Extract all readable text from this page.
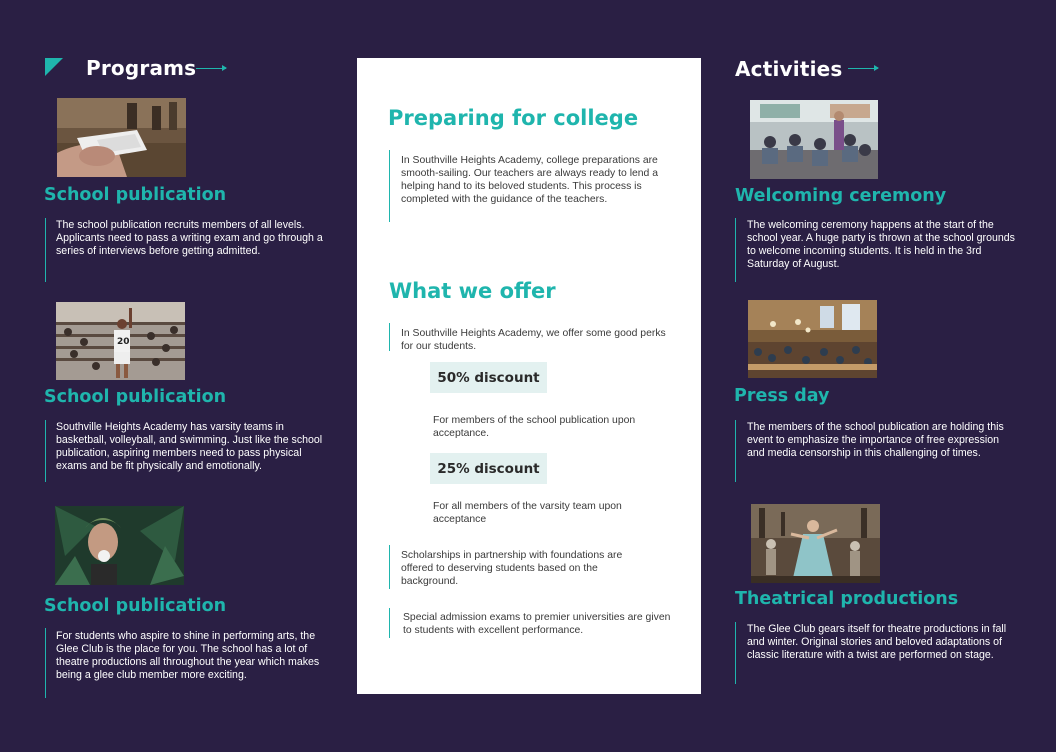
Programs
School publication
The school publication recruits members of all levels. Applicants need to pass a writing exam and go through a series of interviews before getting admitted.
20
School publication
Southville Heights Academy has varsity teams in basketball, volleyball, and swimming. Just like the school publication, aspiring members need to pass physical exams and be fit physically and emotionally.
School publication
For students who aspire to shine in performing arts, the Glee Club is the place for you. The school has a lot of theatre productions all throughout the year which makes being a glee club member more exciting.
Preparing for college
In Southville Heights Academy, college preparations are smooth-sailing. Our teachers are always ready to lend a helping hand to its beloved students. This process is completed with the guidance of the teachers.
What we offer
In Southville Heights Academy, we offer some good perks for our students.
50% discount
For members of the school publication upon acceptance.
25% discount
For all members of the varsity team upon acceptance
Scholarships in partnership with foundations are offered to deserving students based on the background.
Special admission exams to premier universities are given to students with excellent performance.
Activities
Welcoming ceremony
The welcoming ceremony happens at the start of the school year. A huge party is thrown at the school grounds to welcome incoming students. It is held in the 3rd Saturday of August.
Press day
The members of the school publication are holding this event to emphasize the importance of free expression and media censorship in this challenging of times.
Theatrical productions
The Glee Club gears itself for theatre productions in fall and winter. Original stories and beloved adaptations of classic literature with a twist are performed on stage.
